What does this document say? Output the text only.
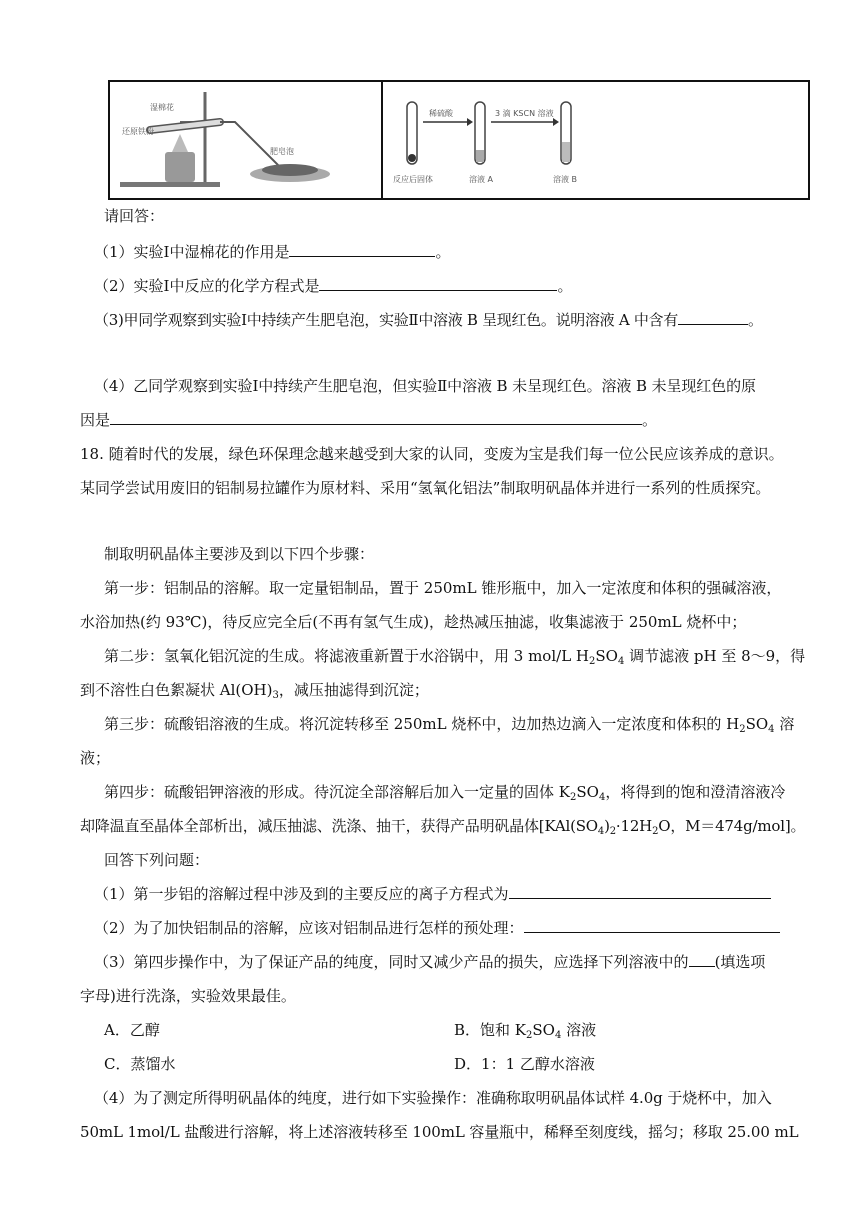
湿棉花
还原铁粉
肥皂泡
稀硫酸	3 滴 KSCN 溶液
反应后固体	溶液 A	溶液 B
请回答：
（1）实验Ⅰ中湿棉花的作用是	。
（2）实验Ⅰ中反应的化学方程式是	。
（3)甲同学观察到实验Ⅰ中持续产生肥皂泡，实验Ⅱ中溶液 B 呈现红色。说明溶液 A 中含有	。
（4）乙同学观察到实验Ⅰ中持续产生肥皂泡，但实验Ⅱ中溶液 B 未呈现红色。溶液 B 未呈现红色的原
因是	。
18. 随着时代的发展，绿色环保理念越来越受到大家的认同，变废为宝是我们每一位公民应该养成的意识。
某同学尝试用废旧的铝制易拉罐作为原材料、采用“氢氧化铝法”制取明矾晶体并进行一系列的性质探究。
制取明矾晶体主要涉及到以下四个步骤：
第一步：铝制品的溶解。取一定量铝制品，置于 250mL 锥形瓶中，加入一定浓度和体积的强碱溶液，
水浴加热(约 93℃)，待反应完全后(不再有氢气生成)，趁热减压抽滤，收集滤液于 250mL 烧杯中；
第二步：氢氧化铝沉淀的生成。将滤液重新置于水浴锅中，用 3 mol/L $H_2SO_4$ 调节滤液 pH 至 8～9，得
到不溶性白色絮凝状 $Al(OH)_3$，减压抽滤得到沉淀；
第三步：硫酸铝溶液的生成。将沉淀转移至 250mL 烧杯中，边加热边滴入一定浓度和体积的 $H_2SO_4$ 溶
液；
第四步：硫酸铝钾溶液的形成。待沉淀全部溶解后加入一定量的固体 $K_2SO_4$，将得到的饱和澄清溶液冷
却降温直至晶体全部析出，减压抽滤、洗涤、抽干，获得产品明矾晶体[$KAl(SO_4)_2\cdot 12H_2O$，M＝474g/mol]。
回答下列问题：
（1）第一步铝的溶解过程中涉及到的主要反应的离子方程式为
（2）为了加快铝制品的溶解，应该对铝制品进行怎样的预处理：
（3）第四步操作中，为了保证产品的纯度，同时又减少产品的损失，应选择下列溶液中的 (填选项
字母)进行洗涤，实验效果最佳。
A．乙醇	B．饱和 $K_2SO_4$ 溶液
C．蒸馏水	D．1：1 乙醇水溶液
（4）为了测定所得明矾晶体的纯度，进行如下实验操作：准确称取明矾晶体试样 4.0g 于烧杯中，加入
50mL 1mol/L 盐酸进行溶解，将上述溶液转移至 100mL 容量瓶中，稀释至刻度线，摇匀；移取 25.00 mL
